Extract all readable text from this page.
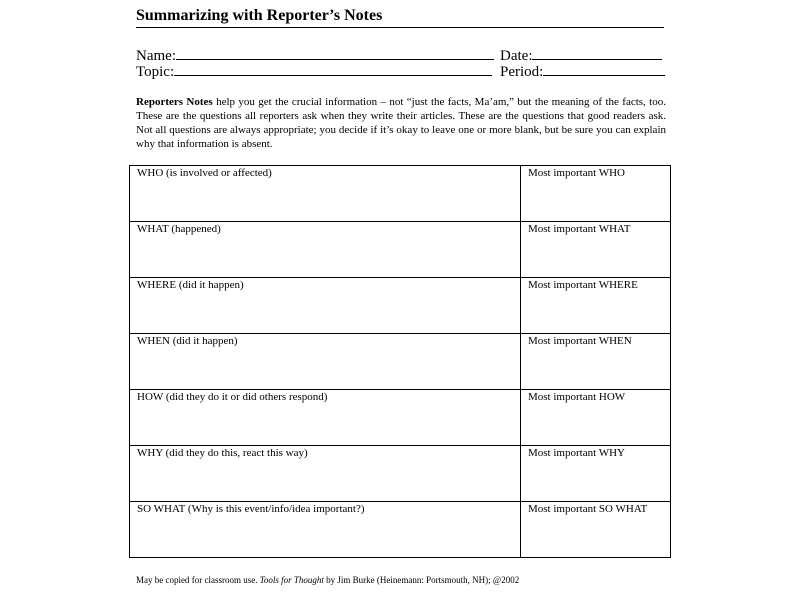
Summarizing with Reporter’s Notes
Name:	Date:
Topic:	Period:
Reporters Notes help you get the crucial information – not “just the facts, Ma’am,” but the meaning of the facts, too. These are the questions all reporters ask when they write their articles. These are the questions that good readers ask. Not all questions are always appropriate; you decide if it’s okay to leave one or more blank, but be sure you can explain why that information is absent.
WHO (is involved or affected)	Most important WHO
WHAT (happened)	Most important WHAT
WHERE (did it happen)	Most important WHERE
WHEN (did it happen)	Most important WHEN
HOW (did they do it or did others respond)	Most important HOW
WHY (did they do this, react this way)	Most important WHY
SO WHAT (Why is this event/info/idea important?)	Most important SO WHAT
May be copied for classroom use. Tools for Thought by Jim Burke (Heinemann: Portsmouth, NH); @2002
